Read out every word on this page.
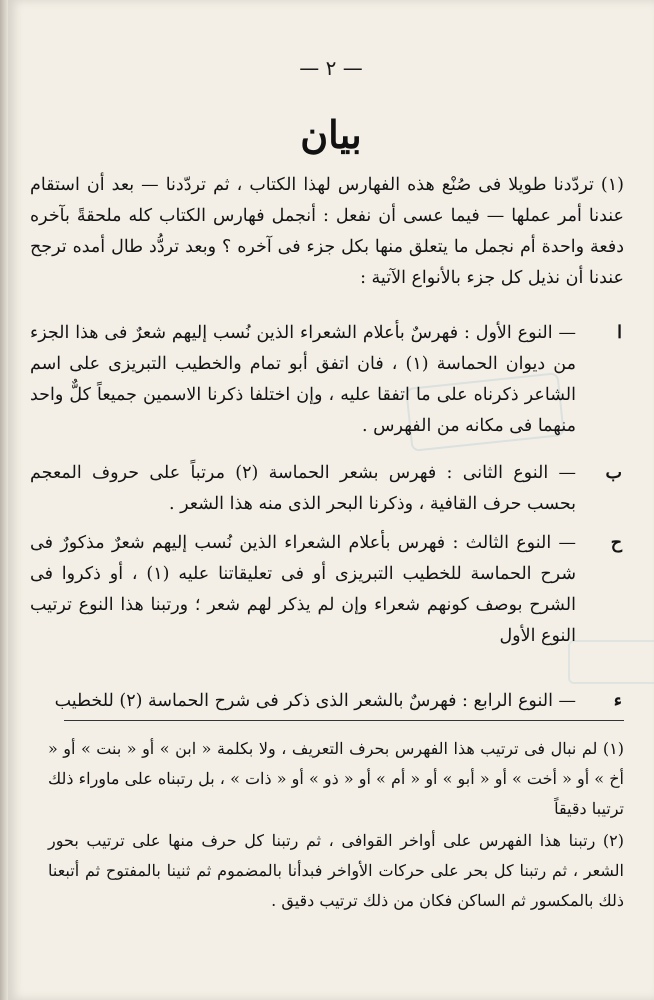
— ٢ —
بيان
(١) تردّدنا طويلا فى صُنْع هذه الفهارس لهذا الكتاب ، ثم تردّدنا — بعد أن استقام عندنا أمر عملها — فيما عسى أن نفعل : أنجمل فهارس الكتاب كله ملحقةً بآخره دفعة واحدة أم نجمل ما يتعلق منها بكل جزء فى آخره ؟ وبعد تردُّد طال أمده ترجح عندنا أن نذيل كل جزء بالأنواع الآتية :
ا
— النوع الأول : فهرسٌ بأعلام الشعراء الذين نُسب إليهم شعرٌ فى هذا الجزء من ديوان الحماسة (١) ، فان اتفق أبو تمام والخطيب التبريزى على اسم الشاعر ذكرناه على ما اتفقا عليه ، وإن اختلفا ذكرنا الاسمين جميعاً كلٌّ واحد منهما فى مكانه من الفهرس .
ب
— النوع الثانى : فهرس بشعر الحماسة (٢) مرتباً على حروف المعجم بحسب حرف القافية ، وذكرنا البحر الذى منه هذا الشعر .
ح
— النوع الثالث : فهرس بأعلام الشعراء الذين نُسب إليهم شعرٌ مذكورٌ فى شرح الحماسة للخطيب التبريزى أو فى تعليقاتنا عليه (١) ، أو ذكروا فى الشرح بوصف كونهم شعراء وإن لم يذكر لهم شعر ؛ ورتبنا هذا النوع ترتيب النوع الأول
ء
— النوع الرابع : فهرسٌ بالشعر الذى ذكر فى شرح الحماسة (٢) للخطيب
(١) لم نبال فى ترتيب هذا الفهرس بحرف التعريف ، ولا بكلمة « ابن » أو « بنت » أو « أخ » أو « أخت » أو « أبو » أو « أم » أو « ذو » أو « ذات » ، بل رتبناه على ماوراء ذلك ترتيبا دقيقاً
(٢) رتبنا هذا الفهرس على أواخر القوافى ، ثم رتبنا كل حرف منها على ترتيب بحور الشعر ، ثم رتبنا كل بحر على حركات الأواخر فبدأنا بالمضموم ثم ثنينا بالمفتوح ثم أتبعنا ذلك بالمكسور ثم الساكن فكان من ذلك ترتيب دقيق .
